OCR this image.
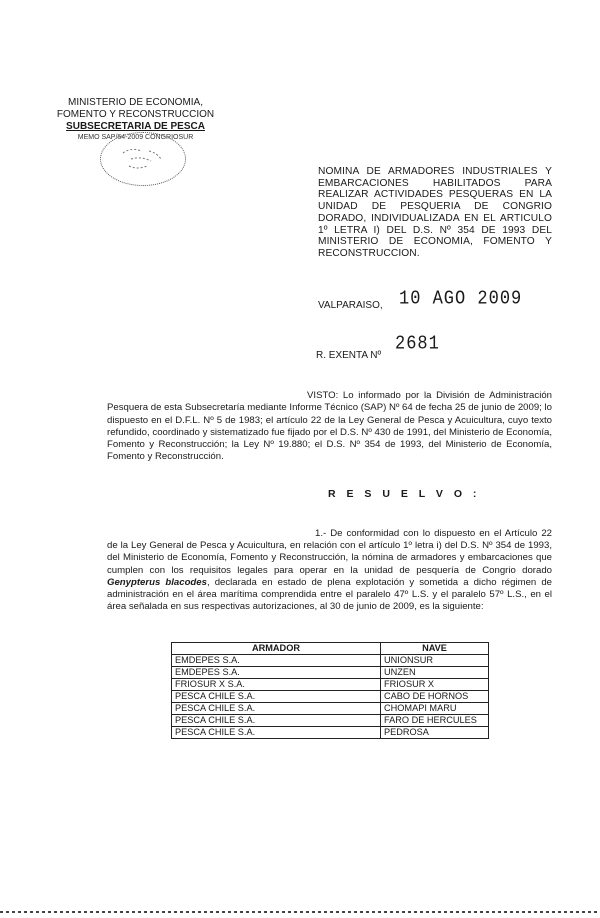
MINISTERIO DE ECONOMIA,
FOMENTO Y RECONSTRUCCION
SUBSECRETARIA DE PESCA
MEMO SAP/64-2009 CONGRIOSUR
NOMINA DE ARMADORES INDUSTRIALES Y EMBARCACIONES HABILITADOS PARA REALIZAR ACTIVIDADES PESQUERAS EN LA UNIDAD DE PESQUERIA DE CONGRIO DORADO, INDIVIDUALIZADA EN EL ARTICULO 1º LETRA I) DEL D.S. Nº 354 DE 1993 DEL MINISTERIO DE ECONOMIA, FOMENTO Y RECONSTRUCCION.
VALPARAISO, 10 AGO 2009
R. EXENTA Nº
2681
VISTO: Lo informado por la División de Administración Pesquera de esta Subsecretaría mediante Informe Técnico (SAP) Nº 64 de fecha 25 de junio de 2009; lo dispuesto en el D.F.L. Nº 5 de 1983; el artículo 22 de la Ley General de Pesca y Acuicultura, cuyo texto refundido, coordinado y sistematizado fue fijado por el D.S. Nº 430 de 1991, del Ministerio de Economía, Fomento y Reconstrucción; la Ley Nº 19.880; el D.S. Nº 354 de 1993, del Ministerio de Economía, Fomento y Reconstrucción.
R E S U E L V O :
1.- De conformidad con lo dispuesto en el Artículo 22 de la Ley General de Pesca y Acuicultura, en relación con el artículo 1º letra i) del D.S. Nº 354 de 1993, del Ministerio de Economía, Fomento y Reconstrucción, la nómina de armadores y embarcaciones que cumplen con los requisitos legales para operar en la unidad de pesquería de Congrio dorado Genypterus blacodes, declarada en estado de plena explotación y sometida a dicho régimen de administración en el área marítima comprendida entre el paralelo 47º L.S. y el paralelo 57º L.S., en el área señalada en sus respectivas autorizaciones, al 30 de junio de 2009, es la siguiente:
ARMADOR	NAVE
EMDEPES S.A.	UNIONSUR
EMDEPES S.A.	UNZEN
FRIOSUR X S.A.	FRIOSUR X
PESCA CHILE S.A.	CABO DE HORNOS
PESCA CHILE S.A.	CHOMAPI MARU
PESCA CHILE S.A.	FARO DE HERCULES
PESCA CHILE S.A.	PEDROSA
